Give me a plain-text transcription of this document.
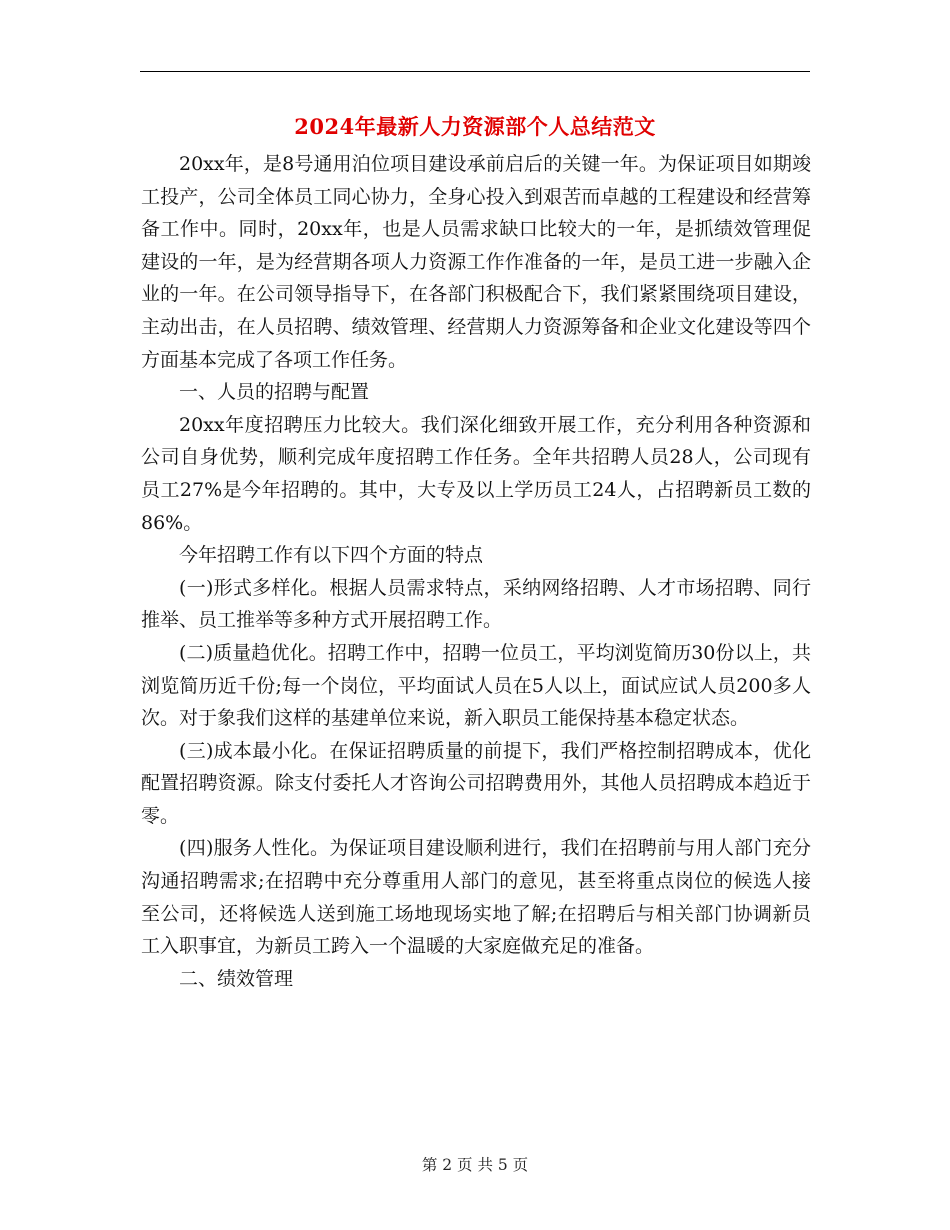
2024年最新人力资源部个人总结范文

20xx年，是8号通用泊位项目建设承前启后的关键一年。为保证项目如期竣工投产，公司全体员工同心协力，全身心投入到艰苦而卓越的工程建设和经营筹备工作中。同时，20xx年，也是人员需求缺口比较大的一年，是抓绩效管理促建设的一年，是为经营期各项人力资源工作作准备的一年，是员工进一步融入企业的一年。在公司领导指导下，在各部门积极配合下，我们紧紧围绕项目建设，主动出击，在人员招聘、绩效管理、经营期人力资源筹备和企业文化建设等四个方面基本完成了各项工作任务。

一、人员的招聘与配置

20xx年度招聘压力比较大。我们深化细致开展工作，充分利用各种资源和公司自身优势，顺利完成年度招聘工作任务。全年共招聘人员28人，公司现有员工27%是今年招聘的。其中，大专及以上学历员工24人，占招聘新员工数的86%。

今年招聘工作有以下四个方面的特点

(一)形式多样化。根据人员需求特点，采纳网络招聘、人才市场招聘、同行推举、员工推举等多种方式开展招聘工作。

(二)质量趋优化。招聘工作中，招聘一位员工，平均浏览简历30份以上，共浏览简历近千份;每一个岗位，平均面试人员在5人以上，面试应试人员200多人次。对于象我们这样的基建单位来说，新入职员工能保持基本稳定状态。

(三)成本最小化。在保证招聘质量的前提下，我们严格控制招聘成本，优化配置招聘资源。除支付委托人才咨询公司招聘费用外，其他人员招聘成本趋近于零。

(四)服务人性化。为保证项目建设顺利进行，我们在招聘前与用人部门充分沟通招聘需求;在招聘中充分尊重用人部门的意见，甚至将重点岗位的候选人接至公司，还将候选人送到施工场地现场实地了解;在招聘后与相关部门协调新员工入职事宜，为新员工跨入一个温暖的大家庭做充足的准备。

二、绩效管理

第 2 页 共 5 页
